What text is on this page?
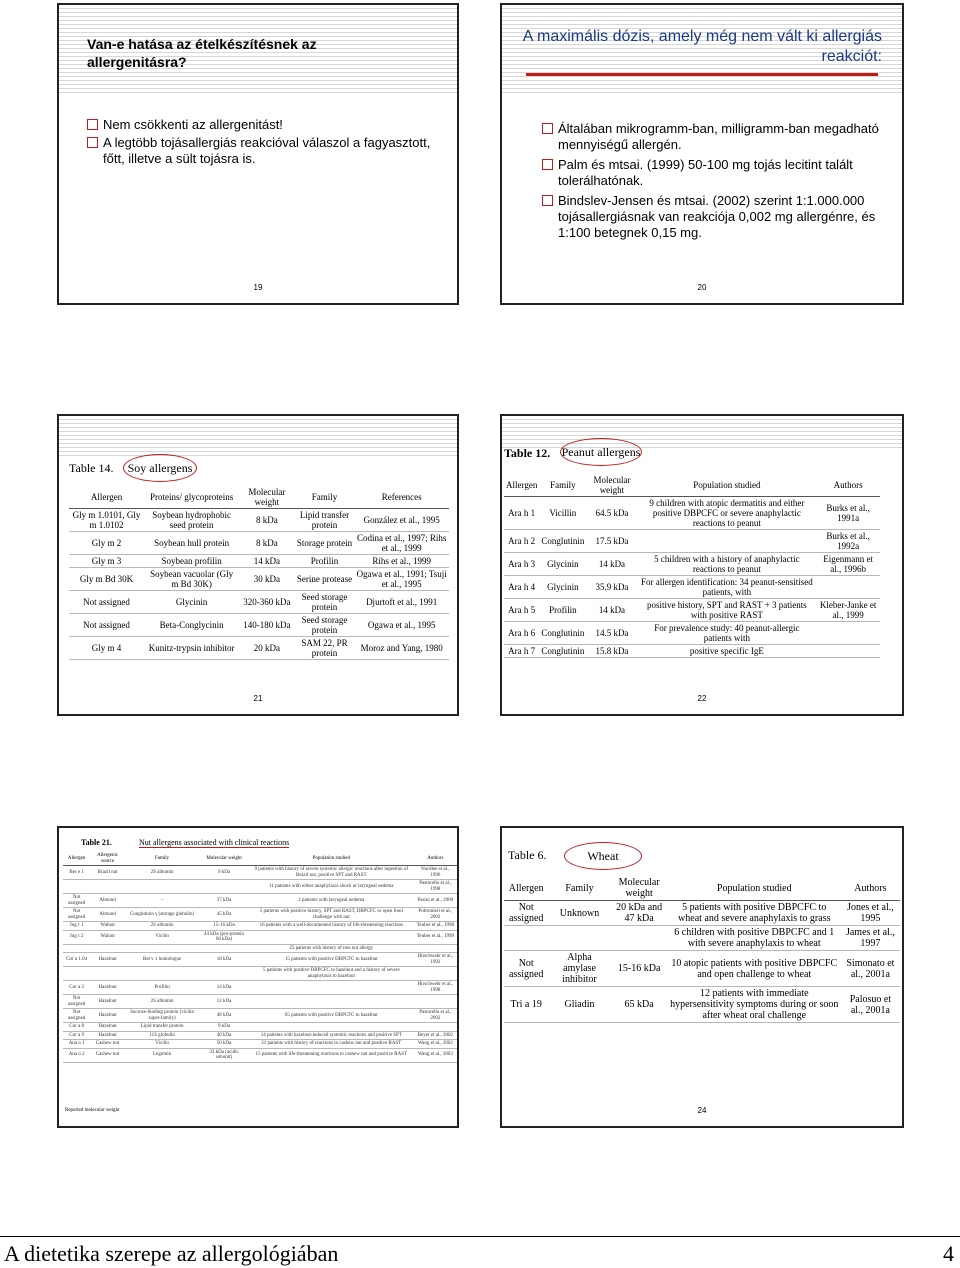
Van-e hatása az ételkészítésnek az allergenitásra?

Nem csökkenti az allergenitást!

A legtöbb tojásallergiás reakcióval válaszol a fagyasztott, főtt, illetve a sült tojásra is.

19
A maximális dózis, amely még nem vált ki allergiás reakciót:

Általában mikrogramm-ban, milligramm-ban megadható mennyiségű allergén.

Palm és mtsai. (1999) 50-100 mg tojás lecitint talált tolerálhatónak.

Bindslev-Jensen és mtsai. (2002) szerint 1:1.000.000 tojásallergiásnak van reakciója 0,002 mg allergénre, és 1:100 betegnek 0,15 mg.

20
Table 14.	Soy allergens
Allergen	Proteins/ glycoproteins	Molecular weight	Family	References
Gly m 1.0101, Gly m 1.0102	Soybean hydrophobic seed protein	8 kDa	Lipid transfer protein	González et al., 1995
Gly m 2	Soybean hull protein	8 kDa	Storage protein	Codina et al., 1997; Rihs et al., 1999
Gly m 3	Soybean profilin	14 kDa	Profilin	Rihs et al., 1999
Gly m Bd 30K	Soybean vacuolar (Gly m Bd 30K)	30 kDa	Serine protease	Ogawa et al., 1991; Tsuji et al., 1995
Not assigned	Glycinin	320-360 kDa	Seed storage protein	Djurtoft et al., 1991
Not assigned	Beta-Conglycinin	140-180 kDa	Seed storage protein	Ogawa et al., 1995
Gly m 4	Kunitz-trypsin inhibitor	20 kDa	SAM 22, PR protein	Moroz and Yang, 1980
21
Table 12. Peanut allergens
Allergen	Family	Molecular weight	Population studied	Authors
Ara h 1	Vicillin	64.5 kDa	9 children with atopic dermatitis and either positive DBPCFC or severe anaphylactic reactions to peanut	Burks et al., 1991a
Ara h 2	Conglutinin	17.5 kDa		Burks et al., 1992a
Ara h 3	Glycinin	14 kDa	5 children with a history of anaphylactic reactions to peanut	Eigenmann et al., 1996b
Ara h 4	Glycinin	35.9 kDa	For allergen identification: 34 peanut-sensitised patients, with	
Ara h 5	Profilin	14 kDa	positive history, SPT and RAST + 3 patients with positive RAST	Kleber-Janke et al., 1999
Ara h 6	Conglutinin	14.5 kDa	For prevalence study: 40 peanut-allergic patients with	
Ara h 7	Conglutinin	15.8 kDa	positive specific IgE	
22
Table 21.	Nut allergens associated with clinical reactions
Allergen	Allergenic source	Family	Molecular weight	Population studied	Authors
Ber e 1	Brazil nut	2S albumin	9 kDa	9 patients with history of severe systemic allergic reactions after ingestion of Brazil nut, positive SPT and RAST	Nordlee et al., 1996
				11 patients with either anaphylaxis shock or laryngeal oedema	Pastorello et al., 1998
Not assigned	Almond	–	37 kDa	2 patients with laryngeal oedema	Pasini et al., 2000
Not assigned	Almond	Conglutinin γ (storage globulin)	45 kDa	5 patients with positive history, SPT and RAST, DBPCFC or open food challenge with nut	Poltronieri et al., 2002
Jug r 1	Walnut	2S albumin	15-16 kDa	16 patients with a well-documented history of life-threatening reactions	Teuber et al., 1998
Jug r 2	Walnut	Vicilin	44 kDa (pro-protein 66 kDa)		Teuber et al., 1999
				25 patients with history of tree nut allergy	
Cor a 1.04	Hazelnut	Bet v 1 homologue	18 kDa	15 patients with positive DBPCFC to hazelnut	Hirschwehr et al., 1992
				5 patients with positive DBPCFC to hazelnut and a history of severe anaphylaxis to hazelnut	
Cor a 2	Hazelnut	Profilin	14 kDa		Hirschwehr et al., 1998
Not assigned	Hazelnut	2S albumin	12 kDa		
Not assigned	Hazelnut	Sucrose-binding protein (vicilin super-family)	48 kDa	65 patients with positive DBPCFC to hazelnut	Pastorello et al., 2002
Cor a 8	Hazelnut	Lipid transfer protein	9 kDa		
Cor a 9	Hazelnut	11S globulin	40 kDa	14 patients with hazelnut-induced systemic reactions and positive SPT	Beyer et al., 2002
Ana o 1	Cashew nut	Vicilin	50 kDa	21 patients with history of reactions to cashew nut and positive RAST	Wang et al., 2002
Ana o 2	Cashew nut	Legumin	33 kDa (acidic subunit)	15 patients with life-threatening reactions to cashew nut and positive RAST	Wang et al., 2003
Reported molecular weight
Table 6.	Wheat
Allergen	Family	Molecular weight	Population studied	Authors
Not assigned	Unknown	20 kDa and 47 kDa	5 patients with positive DBPCFC to wheat and severe anaphylaxis to grass	Jones et al., 1995
			6 children with positive DBPCFC and 1 with severe anaphylaxis to wheat	James et al., 1997
Not assigned	Alpha amylase inhibitor	15-16 kDa	10 atopic patients with positive DBPCFC and open challenge to wheat	Simonato et al., 2001a
Tri a 19	Gliadin	65 kDa	12 patients with immediate hypersensitivity symptoms during or soon after wheat oral challenge	Palosuo et al., 2001a
24
A dietetika szerepe az allergológiában	4
